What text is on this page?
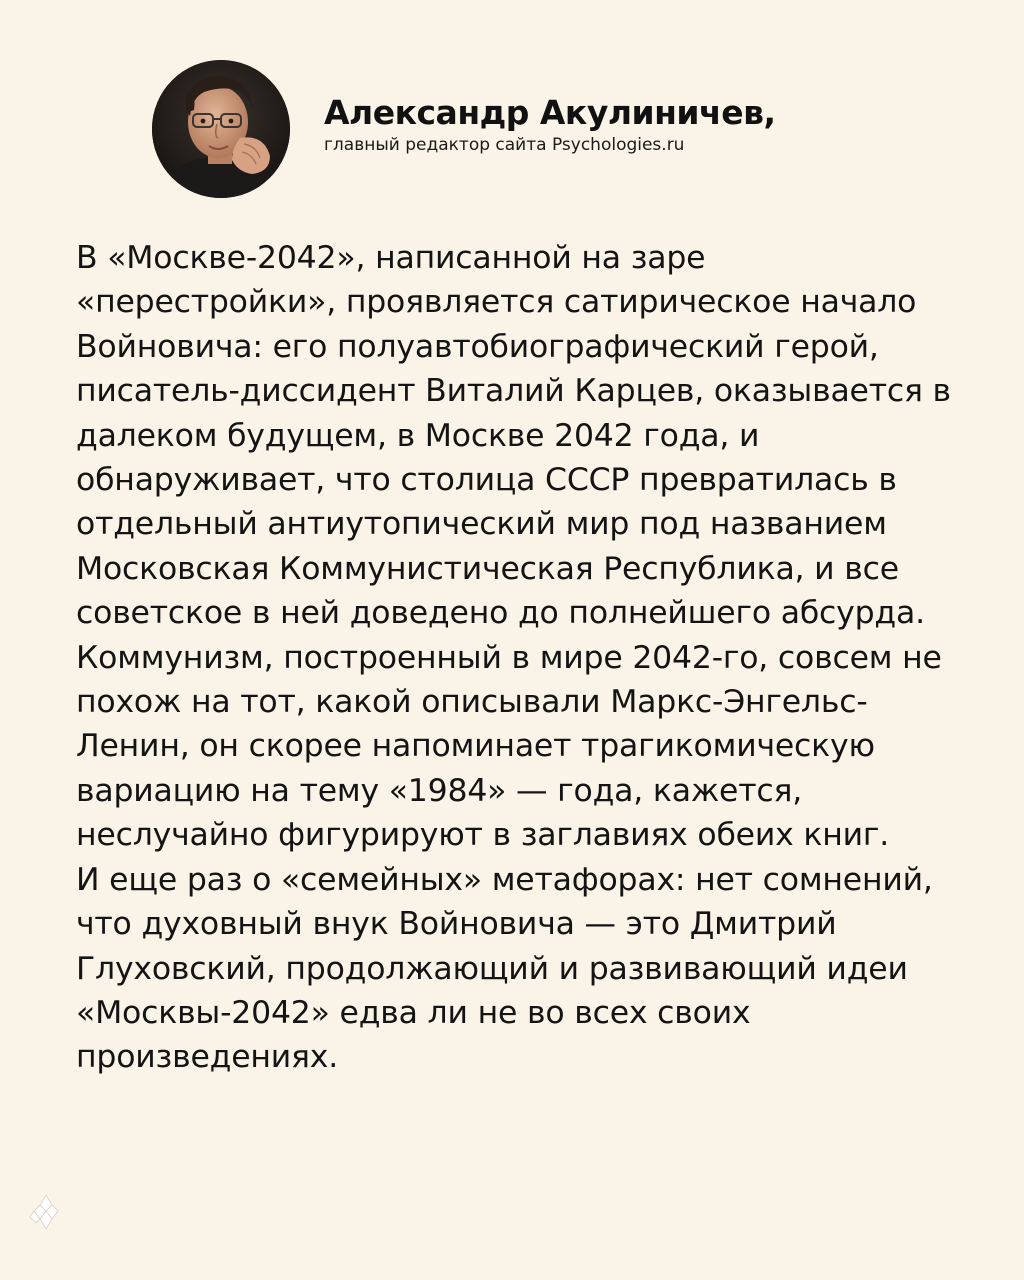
Александр Акулиничев,
главный редактор сайта Psychologies.ru

В «Москве-2042», написанной на заре «перестройки», проявляется сатирическое начало Войновича: его полуавтобиографический герой, писатель-диссидент Виталий Карцев, оказывается в далеком будущем, в Москве 2042 года, и обнаруживает, что столица СССР превратилась в отдельный антиутопический мир под названием Московская Коммунистическая Республика, и все советское в ней доведено до полнейшего абсурда. Коммунизм, построенный в мире 2042-го, совсем не похож на тот, какой описывали Маркс-Энгельс-Ленин, он скорее напоминает трагикомическую вариацию на тему «1984» — года, кажется, неслучайно фигурируют в заглавиях обеих книг.

И еще раз о «семейных» метафорах: нет сомнений, что духовный внук Войновича — это Дмитрий Глуховский, продолжающий и развивающий идеи «Москвы-2042» едва ли не во всех своих произведениях.
